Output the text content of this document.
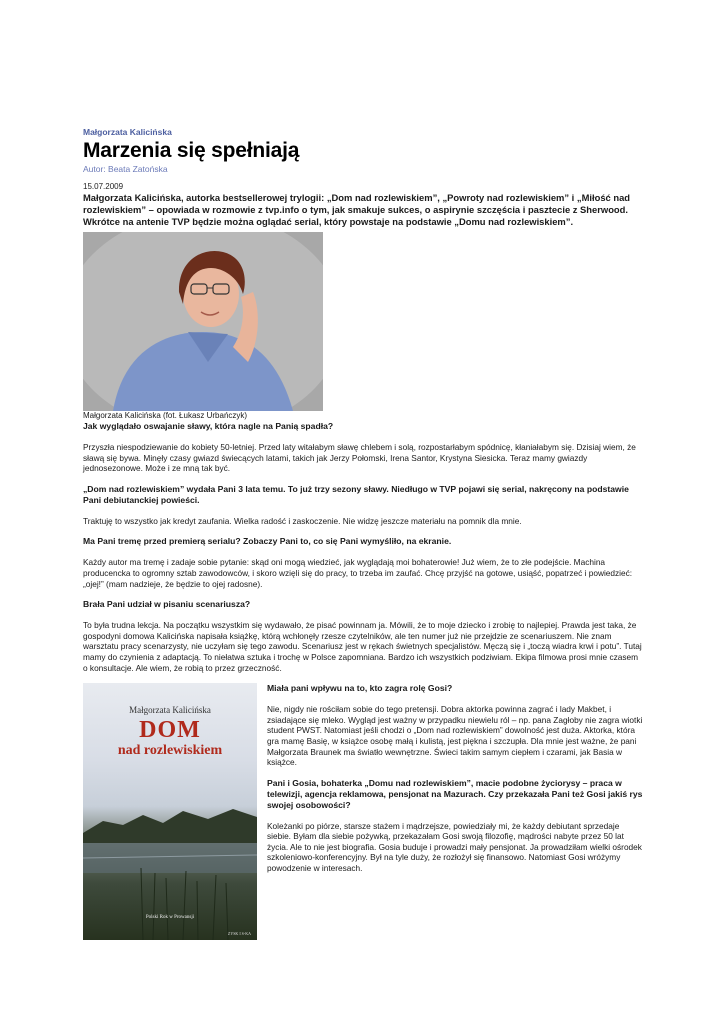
Małgorzata Kalicińska
Marzenia się spełniają
Autor: Beata Zatońska
15.07.2009
Małgorzata Kalicińska, autorka bestsellerowej trylogii: „Dom nad rozlewiskiem”, „Powroty nad rozlewiskiem” i „Miłość nad rozlewiskiem” – opowiada w rozmowie z tvp.info o tym, jak smakuje sukces, o aspirynie szczęścia i pasztecie z Sherwood. Wkrótce na antenie TVP będzie można oglądać serial, który powstaje na podstawie „Domu nad rozlewiskiem”.
Małgorzata Kalicińska (fot. Łukasz Urbańczyk)
Jak wyglądało oswajanie sławy, która nagle na Panią spadła?
Przyszła niespodziewanie do kobiety 50-letniej. Przed laty witałabym sławę chlebem i solą, rozpostarłabym spódnicę, kłaniałabym się. Dzisiaj wiem, że sławą się bywa. Minęły czasy gwiazd świecących latami, takich jak Jerzy Połomski, Irena Santor, Krystyna Siesicka. Teraz mamy gwiazdy jednosezonowe. Może i ze mną tak być.
„Dom nad rozlewiskiem” wydała Pani 3 lata temu. To już trzy sezony sławy. Niedługo w TVP pojawi się serial, nakręcony na podstawie Pani debiutanckiej powieści.
Traktuję to wszystko jak kredyt zaufania. Wielka radość i zaskoczenie. Nie widzę jeszcze materiału na pomnik dla mnie.
Ma Pani tremę przed premierą serialu? Zobaczy Pani to, co się Pani wymyśliło, na ekranie.
Każdy autor ma tremę i zadaje sobie pytanie: skąd oni mogą wiedzieć, jak wyglądają moi bohaterowie! Już wiem, że to złe podejście. Machina producencka to ogromny sztab zawodowców, i skoro wzięli się do pracy, to trzeba im zaufać. Chcę przyjść na gotowe, usiąść, popatrzeć i powiedzieć: „ojej!” (mam nadzieje, że będzie to ojej radosne).
Brała Pani udział w pisaniu scenariusza?
To była trudna lekcja. Na początku wszystkim się wydawało, że pisać powinnam ja. Mówili, że to moje dziecko i zrobię to najlepiej. Prawda jest taka, że gospodyni domowa Kalicińska napisała książkę, którą wchłonęły rzesze czytelników, ale ten numer już nie przejdzie ze scenariuszem. Nie znam warsztatu pracy scenarzysty, nie uczyłam się tego zawodu. Scenariusz jest w rękach świetnych specjalistów. Męczą się i „toczą wiadra krwi i potu”. Tutaj mamy do czynienia z adaptacją. To niełatwa sztuka i trochę w Polsce zapomniana. Bardzo ich wszystkich podziwiam. Ekipa filmowa prosi mnie czasem o konsultacje. Ale wiem, że robią to przez grzeczność.
Małgorzata Kalicińska
DOM
nad rozlewiskiem
Polski Rok w Prowansji
ZYSK I S-KA
Miała pani wpływu na to, kto zagra rolę Gosi?
Nie, nigdy nie rościłam sobie do tego pretensji. Dobra aktorka powinna zagrać i lady Makbet, i zsiadające się mleko. Wygląd jest ważny w przypadku niewielu ról – np. pana Zagłoby nie zagra wiotki student PWST. Natomiast jeśli chodzi o „Dom nad rozlewiskiem” dowolność jest duża. Aktorka, która gra mamę Basię, w książce osobę małą i kulistą, jest piękna i szczupła. Dla mnie jest ważne, że pani Małgorzata Braunek ma światło wewnętrzne. Świeci takim samym ciepłem i czarami, jak Basia w książce.
Pani i Gosia, bohaterka „Domu nad rozlewiskiem”, macie podobne życiorysy – praca w telewizji, agencja reklamowa, pensjonat na Mazurach. Czy przekazała Pani też Gosi jakiś rys swojej osobowości?
Koleżanki po piórze, starsze stażem i mądrzejsze, powiedziały mi, że każdy debiutant sprzedaje siebie. Byłam dla siebie pożywką, przekazałam Gosi swoją filozofię, mądrości nabyte przez 50 lat życia. Ale to nie jest biografia. Gosia buduje i prowadzi mały pensjonat. Ja prowadziłam wielki ośrodek szkoleniowo-konferencyjny. Był na tyle duży, że rozłożył się finansowo. Natomiast Gosi wróżymy powodzenie w interesach.
